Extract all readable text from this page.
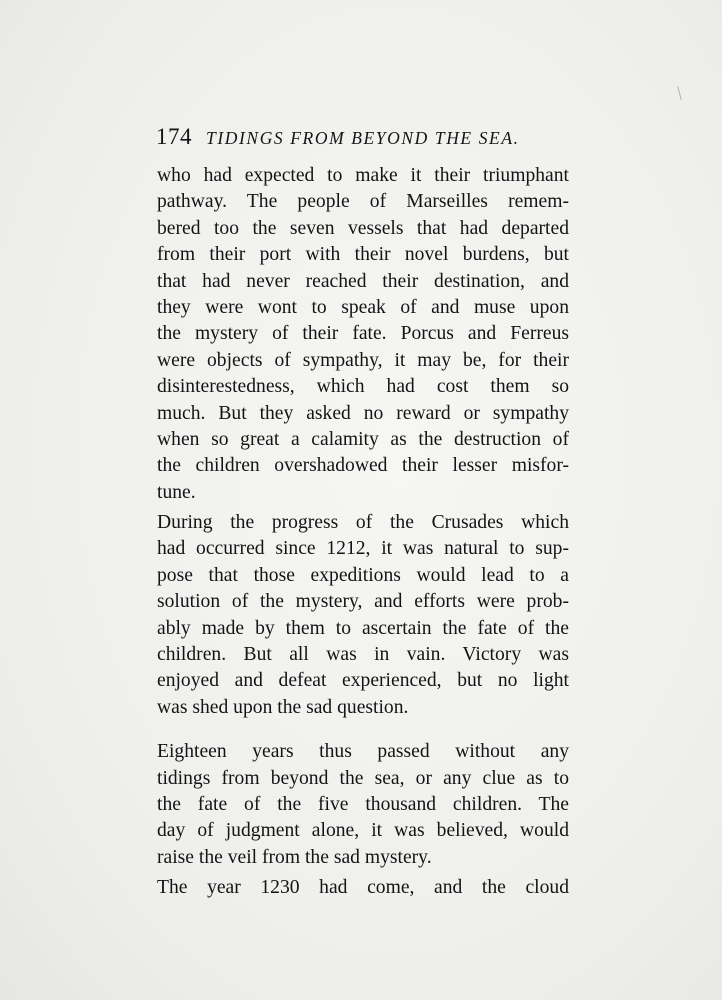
174 TIDINGS FROM BEYOND THE SEA.
who had expected to make it their triumphant
pathway. The people of Marseilles remem-
bered too the seven vessels that had departed
from their port with their novel burdens, but
that had never reached their destination, and
they were wont to speak of and muse upon
the mystery of their fate. Porcus and Ferreus
were objects of sympathy, it may be, for their
disinterestedness, which had cost them so
much. But they asked no reward or sympathy
when so great a calamity as the destruction of
the children overshadowed their lesser misfor-
tune.
During the progress of the Crusades which
had occurred since 1212, it was natural to sup-
pose that those expeditions would lead to a
solution of the mystery, and efforts were prob-
ably made by them to ascertain the fate of the
children. But all was in vain. Victory was
enjoyed and defeat experienced, but no light
was shed upon the sad question.
Eighteen years thus passed without any
tidings from beyond the sea, or any clue as to
the fate of the five thousand children. The
day of judgment alone, it was believed, would
raise the veil from the sad mystery.
The year 1230 had come, and the cloud
